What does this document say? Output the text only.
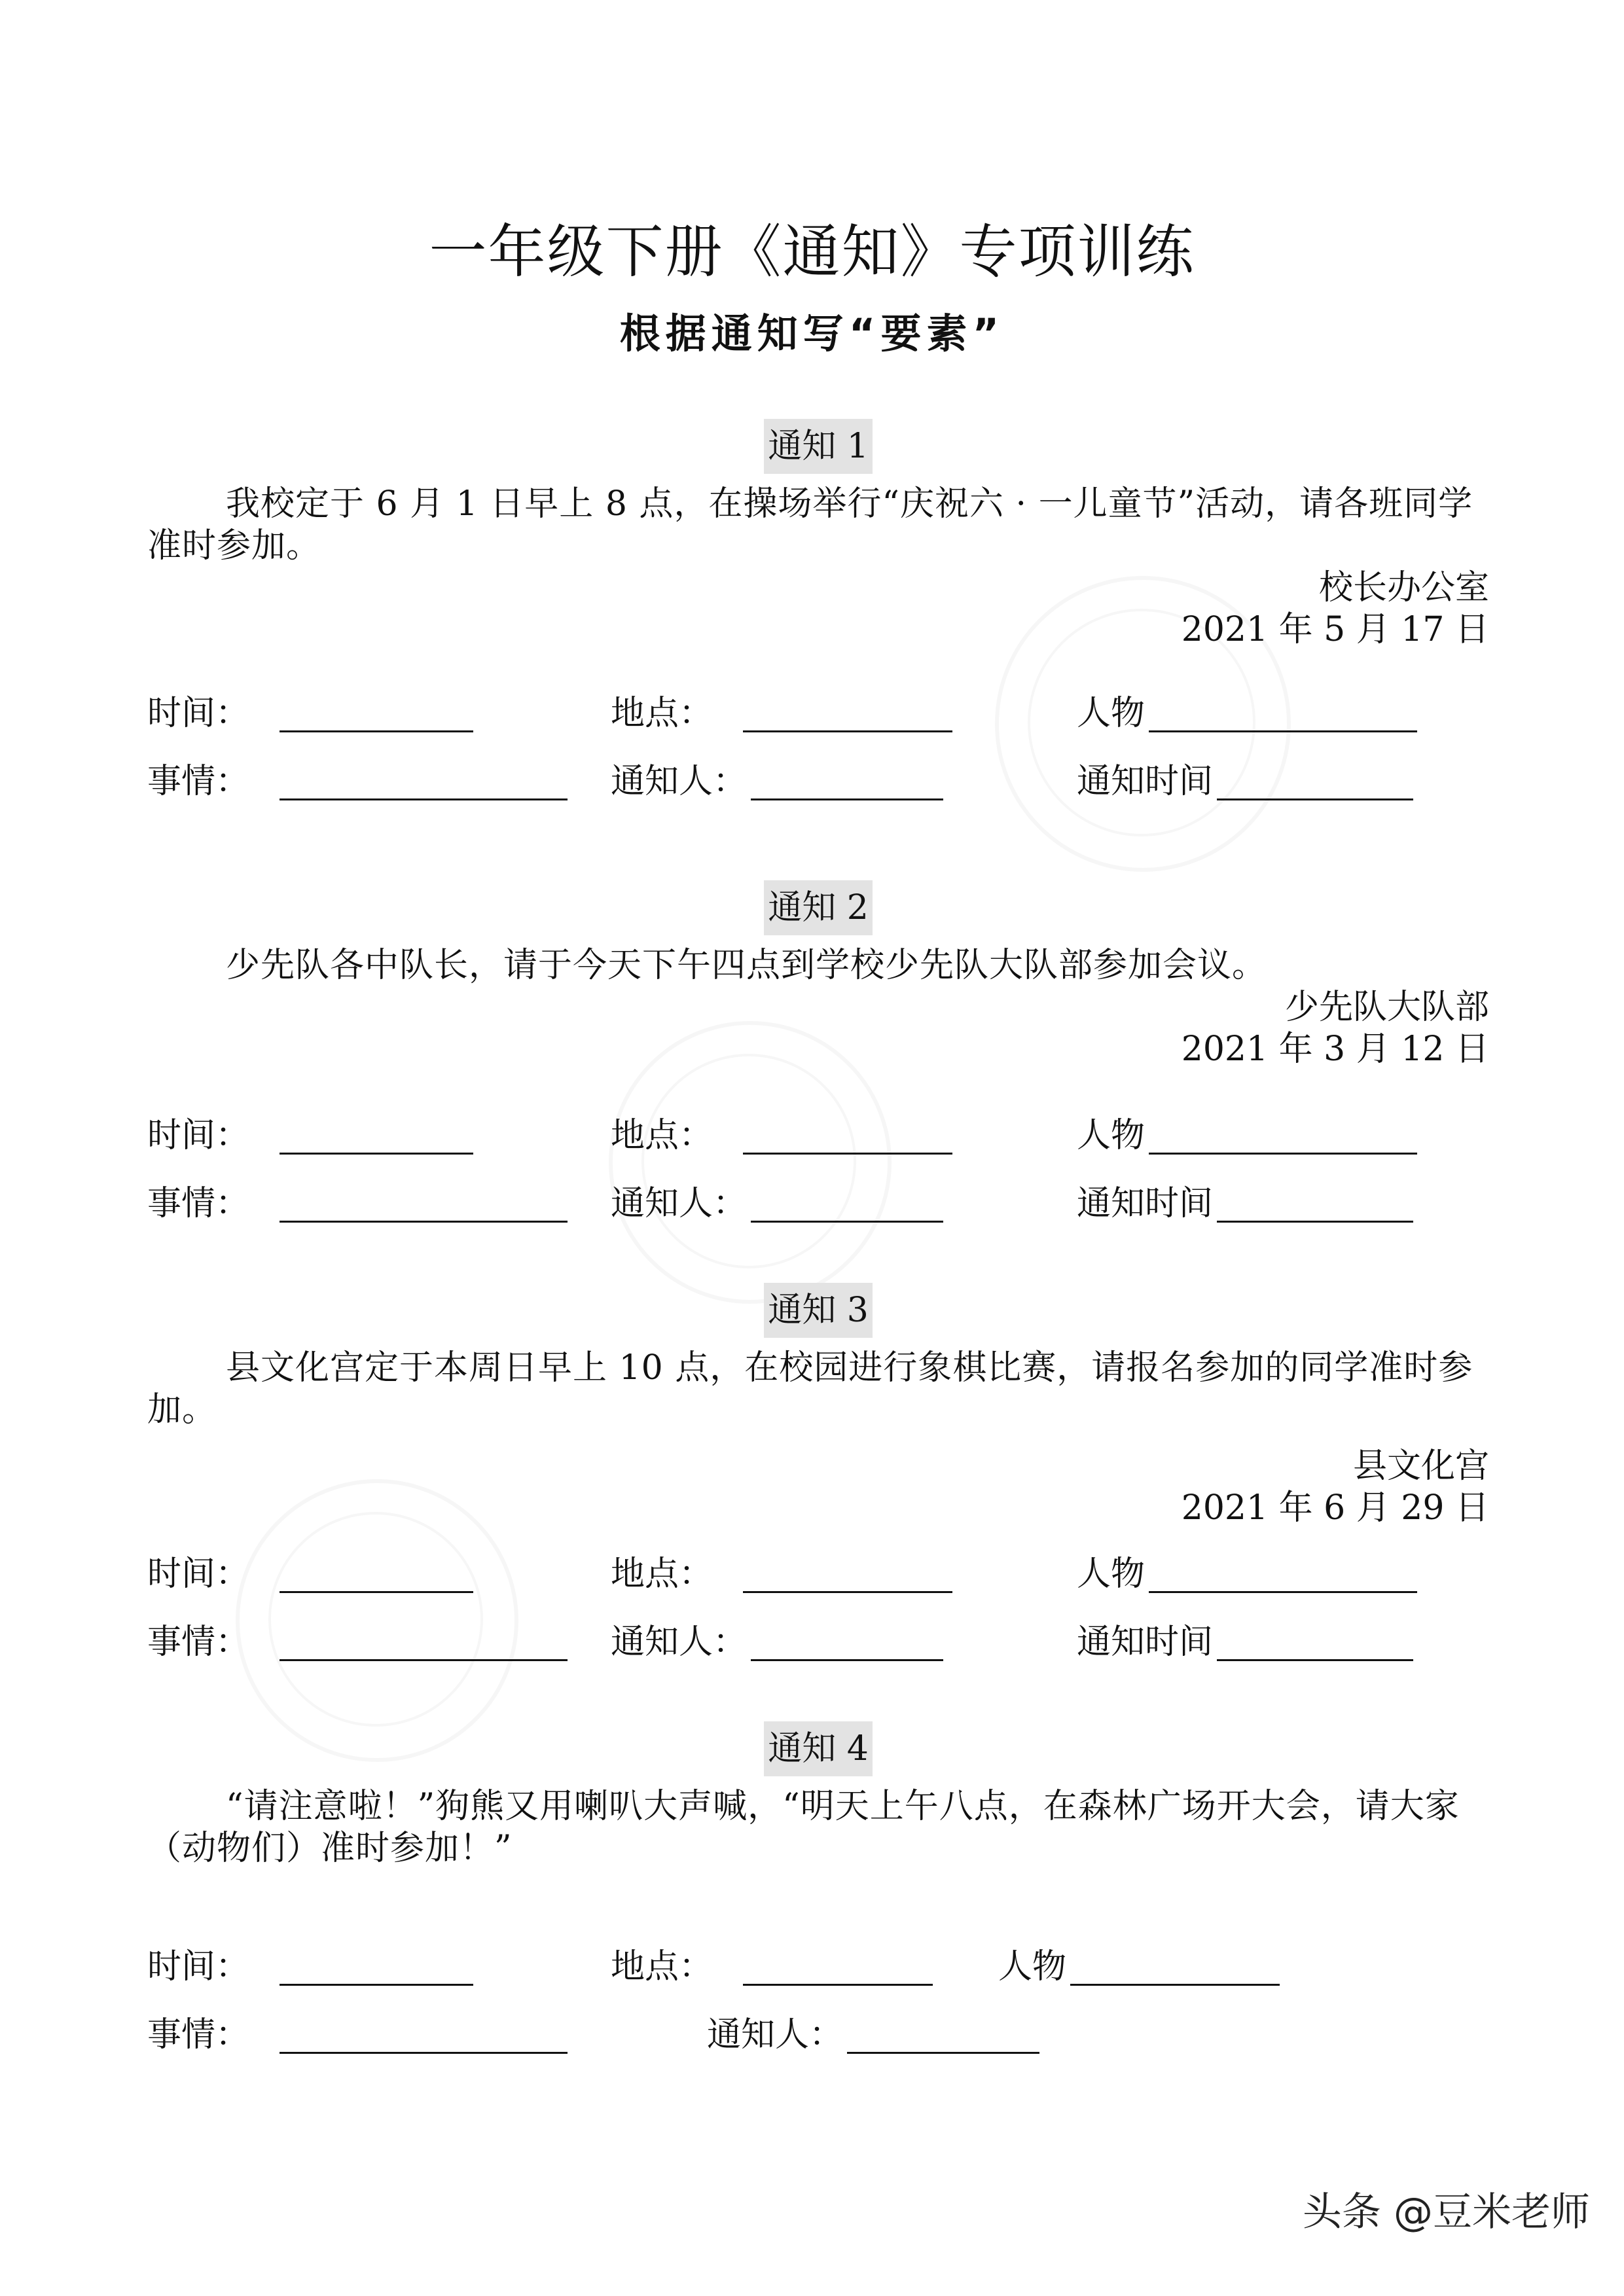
一年级下册《通知》专项训练
根据通知写“要素”
通知 1
我校定于 6 月 1 日早上 8 点，在操场举行“庆祝六 · 一儿童节”活动，请各班同学准时参加。
校长办公室
2021 年 5 月 17 日
时间：	地点：	人物
事情：	通知人：	通知时间
通知 2
少先队各中队长，请于今天下午四点到学校少先队大队部参加会议。
少先队大队部
2021 年 3 月 12 日
时间：	地点：	人物
事情：	通知人：	通知时间
通知 3
县文化宫定于本周日早上 10 点，在校园进行象棋比赛，请报名参加的同学准时参加。
县文化宫
2021 年 6 月 29 日
时间：	地点：	人物
事情：	通知人：	通知时间
通知 4
“请注意啦！”狗熊又用喇叭大声喊，“明天上午八点，在森林广场开大会，请大家（动物们）准时参加！”
时间：	地点：	人物
事情：	通知人：
头条 @豆米老师
